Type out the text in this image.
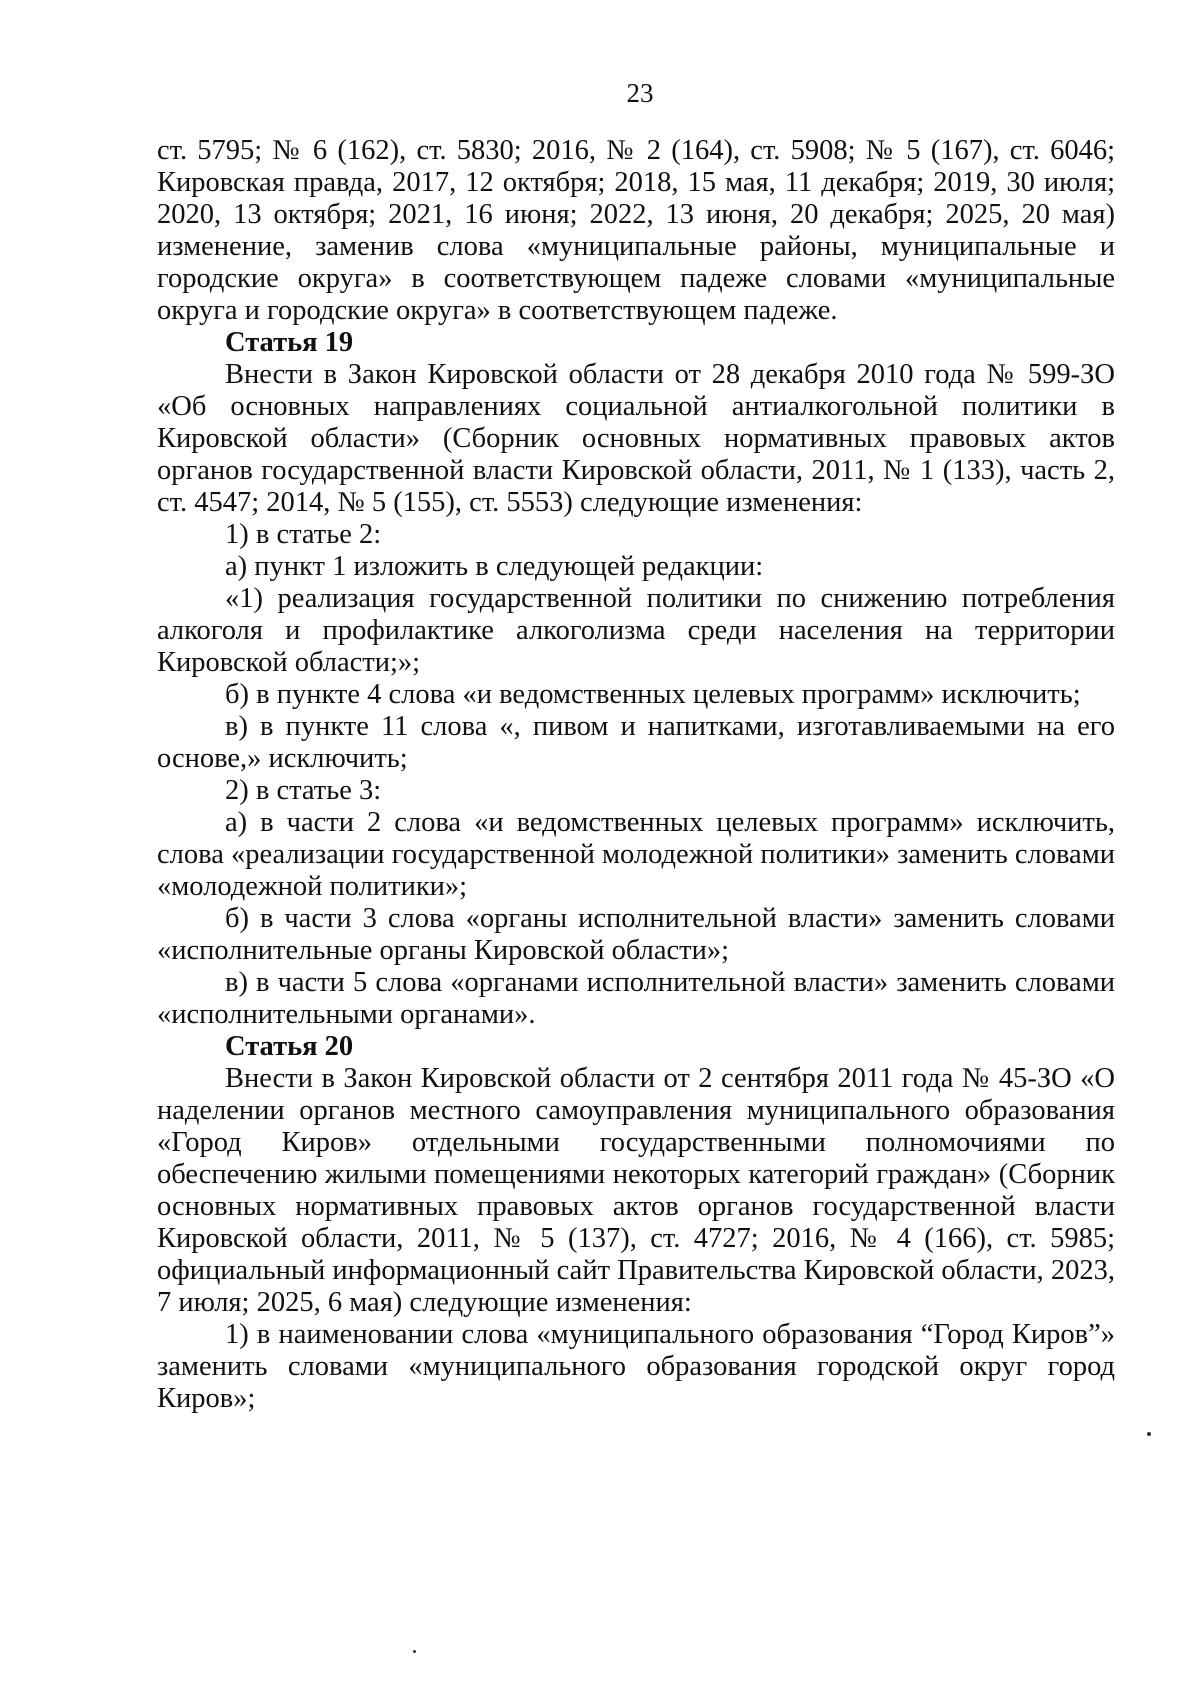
23

ст. 5795; № 6 (162), ст. 5830; 2016, № 2 (164), ст. 5908; № 5 (167), ст. 6046; Кировская правда, 2017, 12 октября; 2018, 15 мая, 11 декабря; 2019, 30 июля; 2020, 13 октября; 2021, 16 июня; 2022, 13 июня, 20 декабря; 2025, 20 мая) изменение, заменив слова «муниципальные районы, муниципальные и городские округа» в соответствующем падеже словами «муниципальные округа и городские округа» в соответствующем падеже.

Статья 19

Внести в Закон Кировской области от 28 декабря 2010 года № 599-ЗО «Об основных направлениях социальной антиалкогольной политики в Кировской области» (Сборник основных нормативных правовых актов органов государственной власти Кировской области, 2011, № 1 (133), часть 2, ст. 4547; 2014, № 5 (155), ст. 5553) следующие изменения:

1) в статье 2:

а) пункт 1 изложить в следующей редакции:

«1) реализация государственной политики по снижению потребления алкоголя и профилактике алкоголизма среди населения на территории Кировской области;»;

б) в пункте 4 слова «и ведомственных целевых программ» исключить;

в) в пункте 11 слова «, пивом и напитками, изготавливаемыми на его основе,» исключить;

2) в статье 3:

а) в части 2 слова «и ведомственных целевых программ» исключить, слова «реализации государственной молодежной политики» заменить словами «молодежной политики»;

б) в части 3 слова «органы исполнительной власти» заменить словами «исполнительные органы Кировской области»;

в) в части 5 слова «органами исполнительной власти» заменить словами «исполнительными органами».

Статья 20

Внести в Закон Кировской области от 2 сентября 2011 года № 45-ЗО «О наделении органов местного самоуправления муниципального образования «Город Киров» отдельными государственными полномочиями по обеспечению жилыми помещениями некоторых категорий граждан» (Сборник основных нормативных правовых актов органов государственной власти Кировской области, 2011, № 5 (137), ст. 4727; 2016, № 4 (166), ст. 5985; официальный информационный сайт Правительства Кировской области, 2023, 7 июля; 2025, 6 мая) следующие изменения:

1) в наименовании слова «муниципального образования “Город Киров”» заменить словами «муниципального образования городской округ город Киров»;
